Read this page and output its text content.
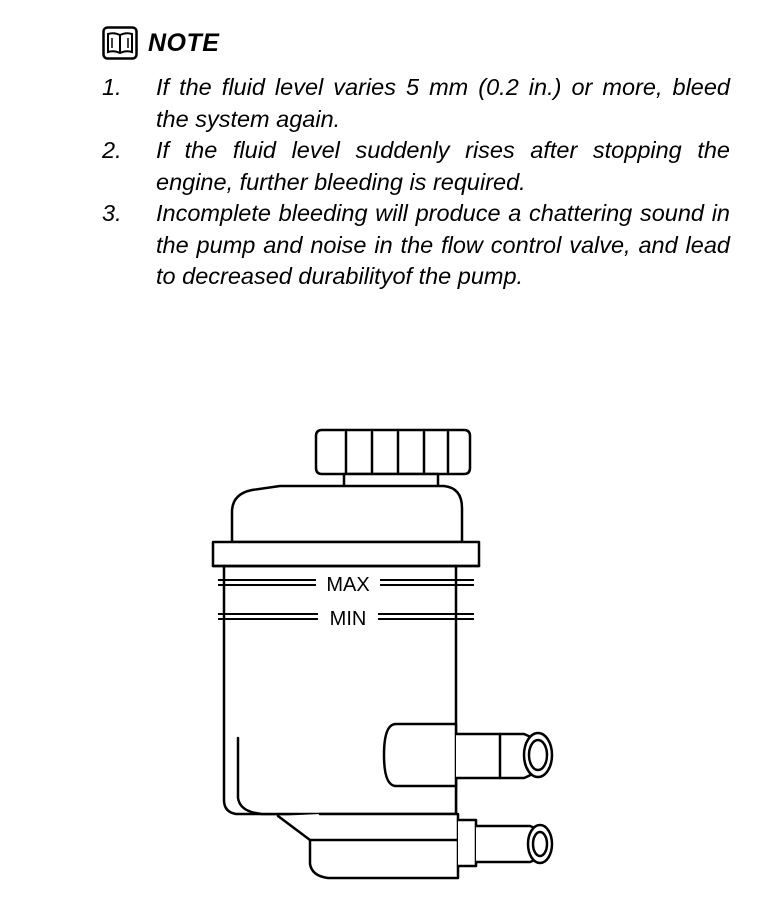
NOTE
1. If the fluid level varies 5 mm (0.2 in.) or more, bleed the system again.
2. If the fluid level suddenly rises after stopping the engine, further bleeding is required.
3. Incomplete bleeding will produce a chattering sound in the pump and noise in the flow control valve, and lead to decreased durabilityof the pump.
MAX
MIN
